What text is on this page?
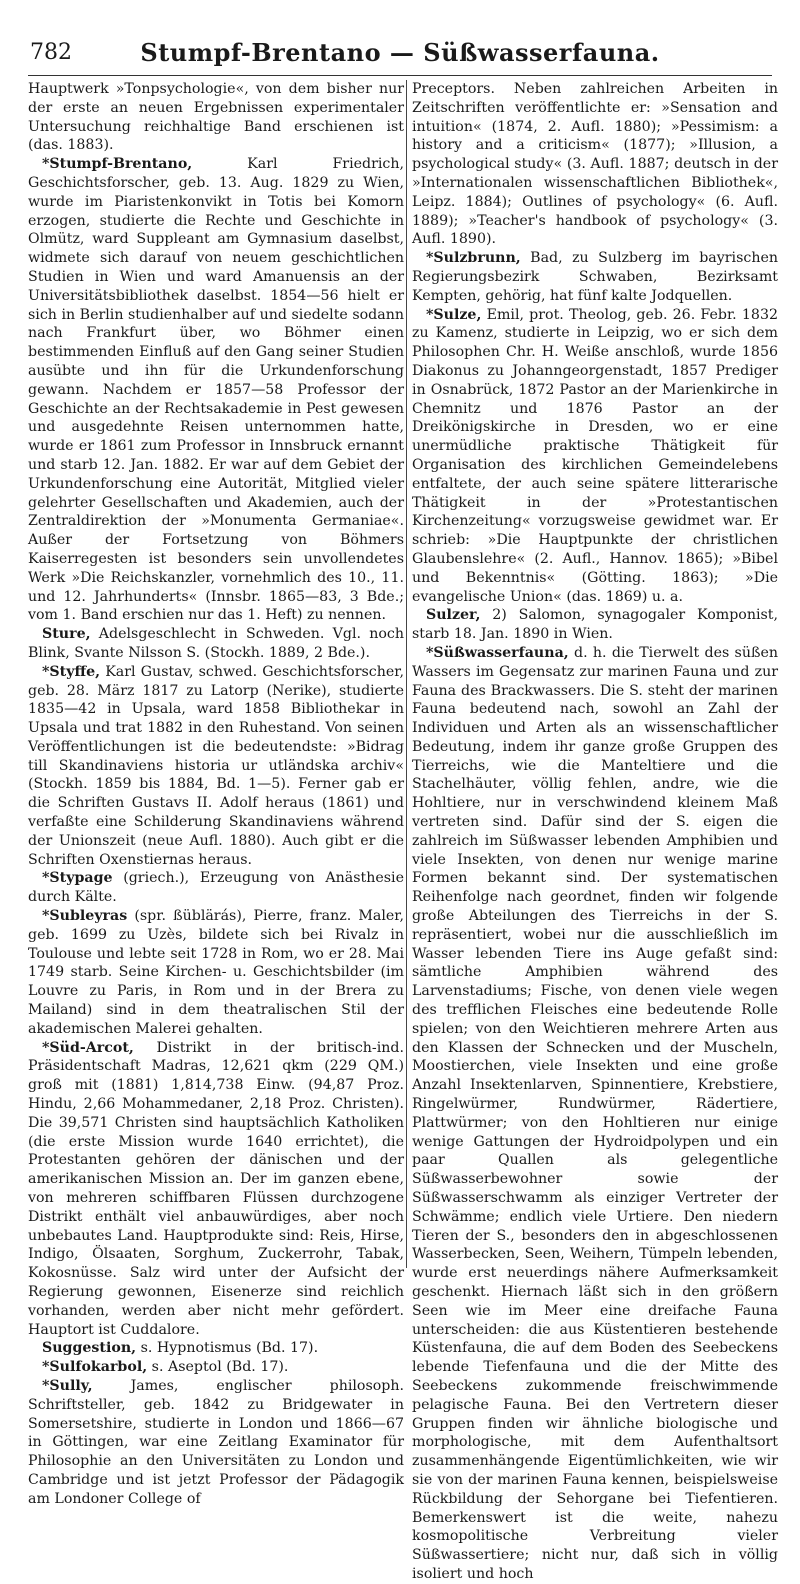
782	Stumpf-Brentano — Süßwasserfauna.

Hauptwerk »Tonpsychologie«, von dem bisher nur der erste an neuen Ergebnissen experimentaler Untersuchung reichhaltige Band erschienen ist (das. 1883).

*Stumpf-Brentano, Karl Friedrich, Geschichtsforscher, geb. 13. Aug. 1829 zu Wien, wurde im Piaristenkonvikt in Totis bei Komorn erzogen, studierte die Rechte und Geschichte in Olmütz, ward Suppleant am Gymnasium daselbst, widmete sich darauf von neuem geschichtlichen Studien in Wien und ward Amanuensis an der Universitätsbibliothek daselbst. 1854—56 hielt er sich in Berlin studienhalber auf und siedelte sodann nach Frankfurt über, wo Böhmer einen bestimmenden Einfluß auf den Gang seiner Studien ausübte und ihn für die Urkundenforschung gewann. Nachdem er 1857—58 Professor der Geschichte an der Rechtsakademie in Pest gewesen und ausgedehnte Reisen unternommen hatte, wurde er 1861 zum Professor in Innsbruck ernannt und starb 12. Jan. 1882. Er war auf dem Gebiet der Urkundenforschung eine Autorität, Mitglied vieler gelehrter Gesellschaften und Akademien, auch der Zentraldirektion der »Monumenta Germaniae«. Außer der Fortsetzung von Böhmers Kaiserregesten ist besonders sein unvollendetes Werk »Die Reichskanzler, vornehmlich des 10., 11. und 12. Jahrhunderts« (Innsbr. 1865—83, 3 Bde.; vom 1. Band erschien nur das 1. Heft) zu nennen.

Sture, Adelsgeschlecht in Schweden. Vgl. noch Blink, Svante Nilsson S. (Stockh. 1889, 2 Bde.).

*Styffe, Karl Gustav, schwed. Geschichtsforscher, geb. 28. März 1817 zu Latorp (Nerike), studierte 1835—42 in Upsala, ward 1858 Bibliothekar in Upsala und trat 1882 in den Ruhestand. Von seinen Veröffentlichungen ist die bedeutendste: »Bidrag till Skandinaviens historia ur utländska archiv« (Stockh. 1859 bis 1884, Bd. 1—5). Ferner gab er die Schriften Gustavs II. Adolf heraus (1861) und verfaßte eine Schilderung Skandinaviens während der Unionszeit (neue Aufl. 1880). Auch gibt er die Schriften Oxenstiernas heraus.

*Stypage (griech.), Erzeugung von Anästhesie durch Kälte.

*Subleyras (spr. ßüblärás), Pierre, franz. Maler, geb. 1699 zu Uzès, bildete sich bei Rivalz in Toulouse und lebte seit 1728 in Rom, wo er 28. Mai 1749 starb. Seine Kirchen- u. Geschichtsbilder (im Louvre zu Paris, in Rom und in der Brera zu Mailand) sind in dem theatralischen Stil der akademischen Malerei gehalten.

*Süd-Arcot, Distrikt in der britisch-ind. Präsidentschaft Madras, 12,621 qkm (229 QM.) groß mit (1881) 1,814,738 Einw. (94,87 Proz. Hindu, 2,66 Mohammedaner, 2,18 Proz. Christen). Die 39,571 Christen sind hauptsächlich Katholiken (die erste Mission wurde 1640 errichtet), die Protestanten gehören der dänischen und der amerikanischen Mission an. Der im ganzen ebene, von mehreren schiffbaren Flüssen durchzogene Distrikt enthält viel anbauwürdiges, aber noch unbebautes Land. Hauptprodukte sind: Reis, Hirse, Indigo, Ölsaaten, Sorghum, Zuckerrohr, Tabak, Kokosnüsse. Salz wird unter der Aufsicht der Regierung gewonnen, Eisenerze sind reichlich vorhanden, werden aber nicht mehr gefördert. Hauptort ist Cuddalore.

Suggestion, s. Hypnotismus (Bd. 17).

*Sulfokarbol, s. Aseptol (Bd. 17).

*Sully, James, englischer philosoph. Schriftsteller, geb. 1842 zu Bridgewater in Somersetshire, studierte in London und 1866—67 in Göttingen, war eine Zeitlang Examinator für Philosophie an den Universitäten zu London und Cambridge und ist jetzt Professor der Pädagogik am Londoner College of

Preceptors. Neben zahlreichen Arbeiten in Zeitschriften veröffentlichte er: »Sensation and intuition« (1874, 2. Aufl. 1880); »Pessimism: a history and a criticism« (1877); »Illusion, a psychological study« (3. Aufl. 1887; deutsch in der »Internationalen wissenschaftlichen Bibliothek«, Leipz. 1884); Outlines of psychology« (6. Aufl. 1889); »Teacher's handbook of psychology« (3. Aufl. 1890).

*Sulzbrunn, Bad, zu Sulzberg im bayrischen Regierungsbezirk Schwaben, Bezirksamt Kempten, gehörig, hat fünf kalte Jodquellen.

*Sulze, Emil, prot. Theolog, geb. 26. Febr. 1832 zu Kamenz, studierte in Leipzig, wo er sich dem Philosophen Chr. H. Weiße anschloß, wurde 1856 Diakonus zu Johanngeorgenstadt, 1857 Prediger in Osnabrück, 1872 Pastor an der Marienkirche in Chemnitz und 1876 Pastor an der Dreikönigskirche in Dresden, wo er eine unermüdliche praktische Thätigkeit für Organisation des kirchlichen Gemeindelebens entfaltete, der auch seine spätere litterarische Thätigkeit in der »Protestantischen Kirchenzeitung« vorzugsweise gewidmet war. Er schrieb: »Die Hauptpunkte der christlichen Glaubenslehre« (2. Aufl., Hannov. 1865); »Bibel und Bekenntnis« (Götting. 1863); »Die evangelische Union« (das. 1869) u. a.

Sulzer, 2) Salomon, synagogaler Komponist, starb 18. Jan. 1890 in Wien.

*Süßwasserfauna, d. h. die Tierwelt des süßen Wassers im Gegensatz zur marinen Fauna und zur Fauna des Brackwassers. Die S. steht der marinen Fauna bedeutend nach, sowohl an Zahl der Individuen und Arten als an wissenschaftlicher Bedeutung, indem ihr ganze große Gruppen des Tierreichs, wie die Manteltiere und die Stachelhäuter, völlig fehlen, andre, wie die Hohltiere, nur in verschwindend kleinem Maß vertreten sind. Dafür sind der S. eigen die zahlreich im Süßwasser lebenden Amphibien und viele Insekten, von denen nur wenige marine Formen bekannt sind. Der systematischen Reihenfolge nach geordnet, finden wir folgende große Abteilungen des Tierreichs in der S. repräsentiert, wobei nur die ausschließlich im Wasser lebenden Tiere ins Auge gefaßt sind: sämtliche Amphibien während des Larvenstadiums; Fische, von denen viele wegen des trefflichen Fleisches eine bedeutende Rolle spielen; von den Weichtieren mehrere Arten aus den Klassen der Schnecken und der Muscheln, Moostierchen, viele Insekten und eine große Anzahl Insektenlarven, Spinnentiere, Krebstiere, Ringelwürmer, Rundwürmer, Rädertiere, Plattwürmer; von den Hohltieren nur einige wenige Gattungen der Hydroidpolypen und ein paar Quallen als gelegentliche Süßwasserbewohner sowie der Süßwasserschwamm als einziger Vertreter der Schwämme; endlich viele Urtiere. Den niedern Tieren der S., besonders den in abgeschlossenen Wasserbecken, Seen, Weihern, Tümpeln lebenden, wurde erst neuerdings nähere Aufmerksamkeit geschenkt. Hiernach läßt sich in den größern Seen wie im Meer eine dreifache Fauna unterscheiden: die aus Küstentieren bestehende Küstenfauna, die auf dem Boden des Seebeckens lebende Tiefenfauna und die der Mitte des Seebeckens zukommende freischwimmende pelagische Fauna. Bei den Vertretern dieser Gruppen finden wir ähnliche biologische und morphologische, mit dem Aufenthaltsort zusammenhängende Eigentümlichkeiten, wie wir sie von der marinen Fauna kennen, beispielsweise Rückbildung der Sehorgane bei Tiefentieren. Bemerkenswert ist die weite, nahezu kosmopolitische Verbreitung vieler Süßwassertiere; nicht nur, daß sich in völlig isoliert und hoch
